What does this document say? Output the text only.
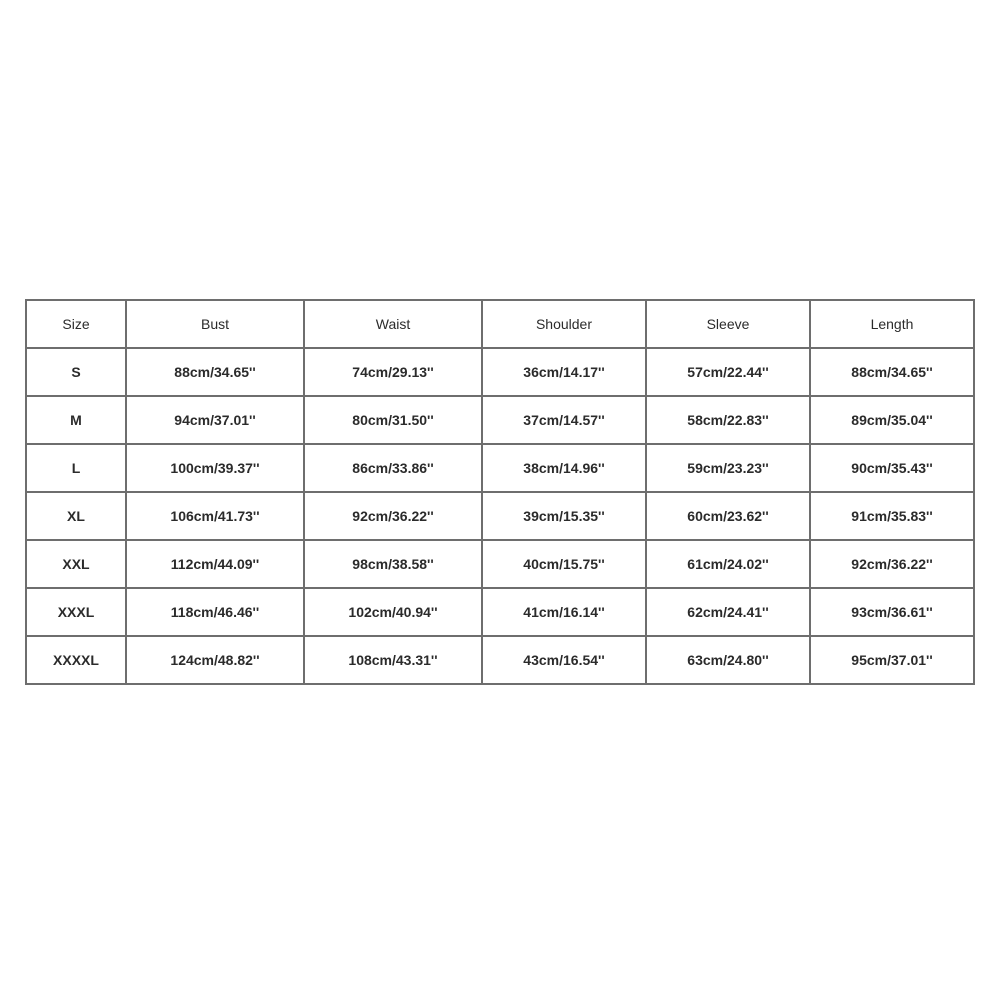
Size	Bust	Waist	Shoulder	Sleeve	Length
S	88cm/34.65''	74cm/29.13''	36cm/14.17''	57cm/22.44''	88cm/34.65''
M	94cm/37.01''	80cm/31.50''	37cm/14.57''	58cm/22.83''	89cm/35.04''
L	100cm/39.37''	86cm/33.86''	38cm/14.96''	59cm/23.23''	90cm/35.43''
XL	106cm/41.73''	92cm/36.22''	39cm/15.35''	60cm/23.62''	91cm/35.83''
XXL	112cm/44.09''	98cm/38.58''	40cm/15.75''	61cm/24.02''	92cm/36.22''
XXXL	118cm/46.46''	102cm/40.94''	41cm/16.14''	62cm/24.41''	93cm/36.61''
XXXXL	124cm/48.82''	108cm/43.31''	43cm/16.54''	63cm/24.80''	95cm/37.01''
